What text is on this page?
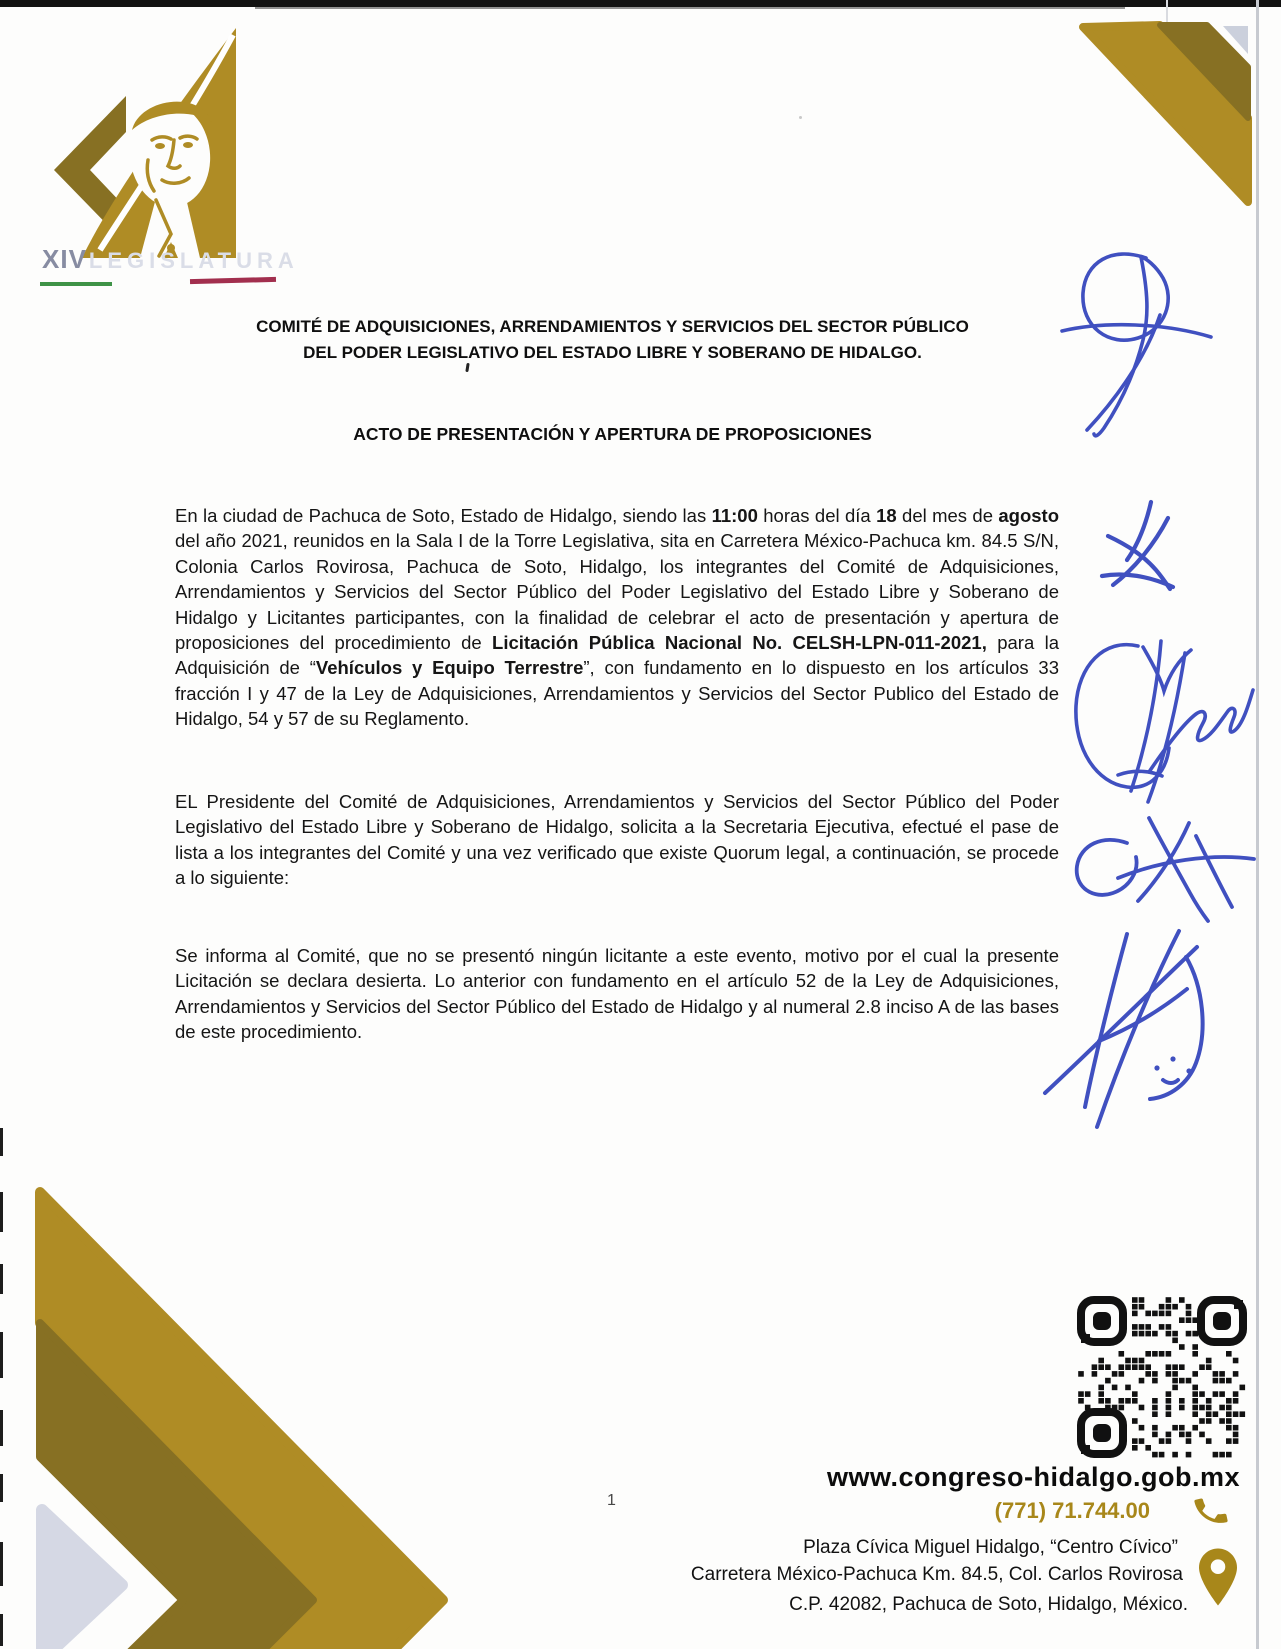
XIV LEGISLATURA
COMITÉ DE ADQUISICIONES, ARRENDAMIENTOS Y SERVICIOS DEL SECTOR PÚBLICO
DEL PODER LEGISLATIVO DEL ESTADO LIBRE Y SOBERANO DE HIDALGO.
ACTO DE PRESENTACIÓN Y APERTURA DE PROPOSICIONES
En la ciudad de Pachuca de Soto, Estado de Hidalgo, siendo las 11:00 horas del día 18 del mes de agosto del año 2021, reunidos en la Sala I de la Torre Legislativa, sita en Carretera México-Pachuca km. 84.5 S/N, Colonia Carlos Rovirosa, Pachuca de Soto, Hidalgo, los integrantes del Comité de Adquisiciones, Arrendamientos y Servicios del Sector Público del Poder Legislativo del Estado Libre y Soberano de Hidalgo y Licitantes participantes, con la finalidad de celebrar el acto de presentación y apertura de proposiciones del procedimiento de Licitación Pública Nacional No. CELSH-LPN-011-2021, para la Adquisición de “Vehículos y Equipo Terrestre”, con fundamento en lo dispuesto en los artículos 33 fracción I y 47 de la Ley de Adquisiciones, Arrendamientos y Servicios del Sector Publico del Estado de Hidalgo, 54 y 57 de su Reglamento.
EL Presidente del Comité de Adquisiciones, Arrendamientos y Servicios del Sector Público del Poder Legislativo del Estado Libre y Soberano de Hidalgo, solicita a la Secretaria Ejecutiva, efectué el pase de lista a los integrantes del Comité y una vez verificado que existe Quorum legal, a continuación, se procede a lo siguiente:
Se informa al Comité, que no se presentó ningún licitante a este evento, motivo por el cual la presente Licitación se declara desierta. Lo anterior con fundamento en el artículo 52 de la Ley de Adquisiciones, Arrendamientos y Servicios del Sector Público del Estado de Hidalgo y al numeral 2.8 inciso A de las bases de este procedimiento.
1
www.congreso-hidalgo.gob.mx
(771) 71.744.00
Plaza Cívica Miguel Hidalgo, “Centro Cívico”
Carretera México-Pachuca Km. 84.5, Col. Carlos Rovirosa
C.P. 42082, Pachuca de Soto, Hidalgo, México.
